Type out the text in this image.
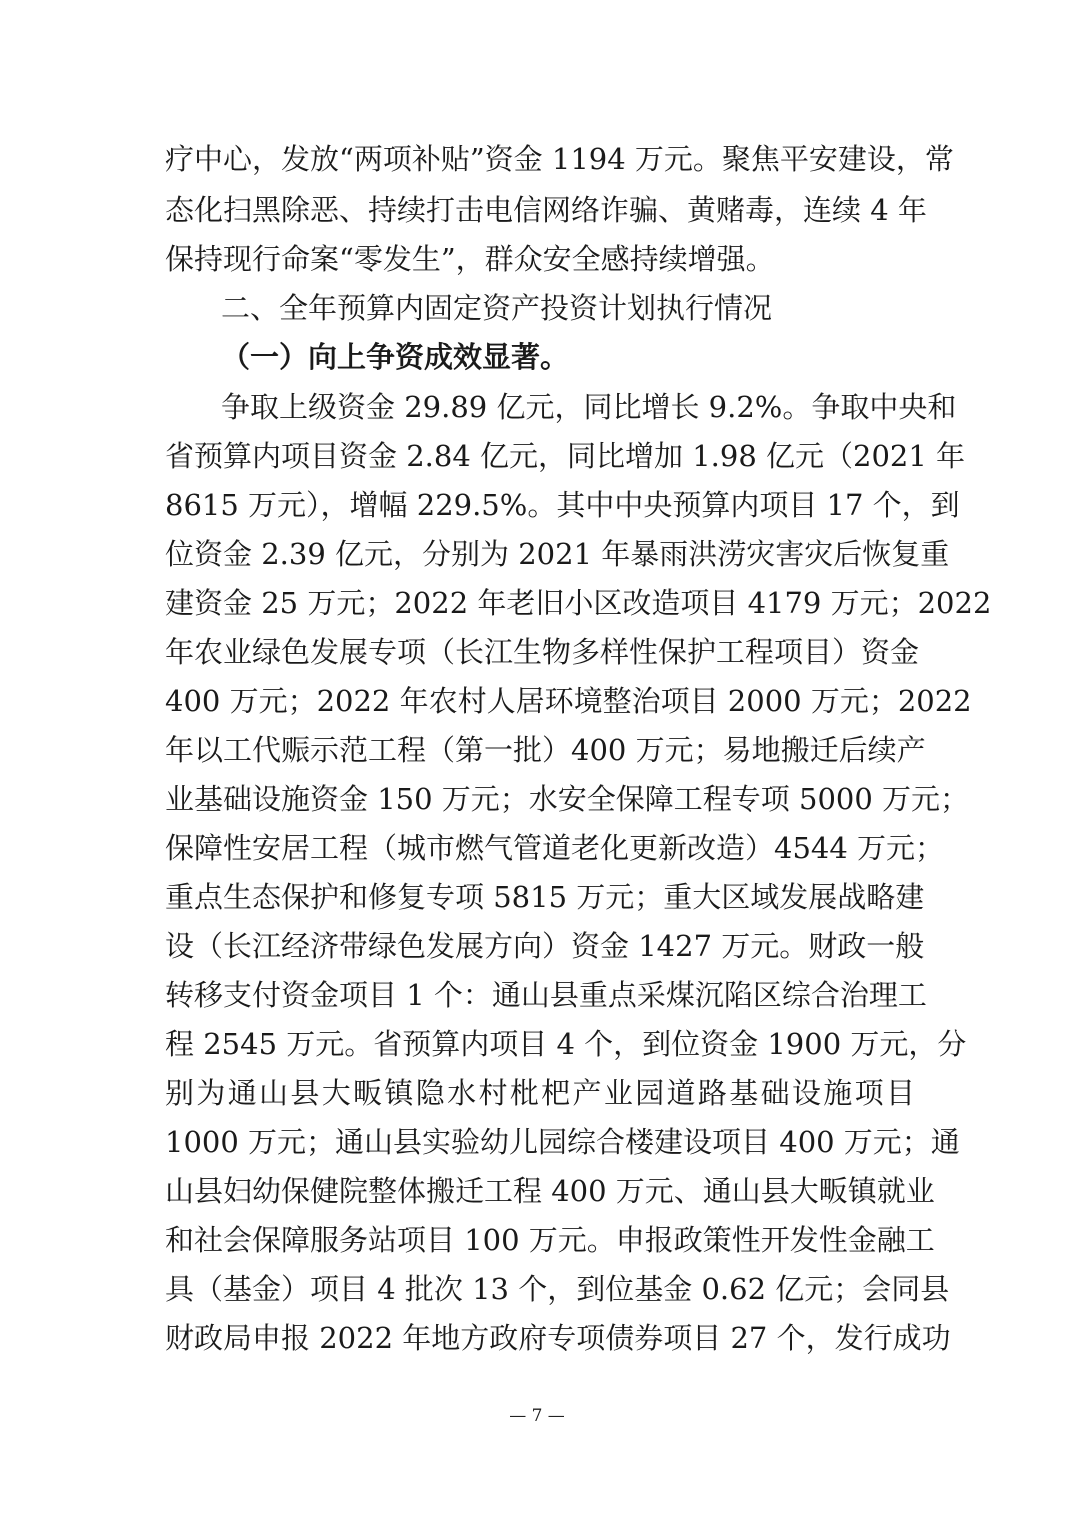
疗中心，发放“两项补贴”资金 1194 万元。聚焦平安建设，常
态化扫黑除恶、持续打击电信网络诈骗、黄赌毒，连续 4 年
保持现行命案“零发生”，群众安全感持续增强。
二、全年预算内固定资产投资计划执行情况
（一）向上争资成效显著。
争取上级资金 29.89 亿元，同比增长 9.2%。争取中央和
省预算内项目资金 2.84 亿元，同比增加 1.98 亿元（2021 年
8615 万元），增幅 229.5%。其中中央预算内项目 17 个，到
位资金 2.39 亿元，分别为 2021 年暴雨洪涝灾害灾后恢复重
建资金 25 万元；2022 年老旧小区改造项目 4179 万元；2022
年农业绿色发展专项（长江生物多样性保护工程项目）资金
400 万元；2022 年农村人居环境整治项目 2000 万元；2022
年以工代赈示范工程（第一批）400 万元；易地搬迁后续产
业基础设施资金 150 万元；水安全保障工程专项 5000 万元；
保障性安居工程（城市燃气管道老化更新改造）4544 万元；
重点生态保护和修复专项 5815 万元；重大区域发展战略建
设（长江经济带绿色发展方向）资金 1427 万元。财政一般
转移支付资金项目 1 个：通山县重点采煤沉陷区综合治理工
程 2545 万元。省预算内项目 4 个，到位资金 1900 万元，分
别为通山县大畈镇隐水村枇杷产业园道路基础设施项目
1000 万元；通山县实验幼儿园综合楼建设项目 400 万元；通
山县妇幼保健院整体搬迁工程 400 万元、通山县大畈镇就业
和社会保障服务站项目 100 万元。申报政策性开发性金融工
具（基金）项目 4 批次 13 个，到位基金 0.62 亿元；会同县
财政局申报 2022 年地方政府专项债券项目 27 个，发行成功
— 7 —
